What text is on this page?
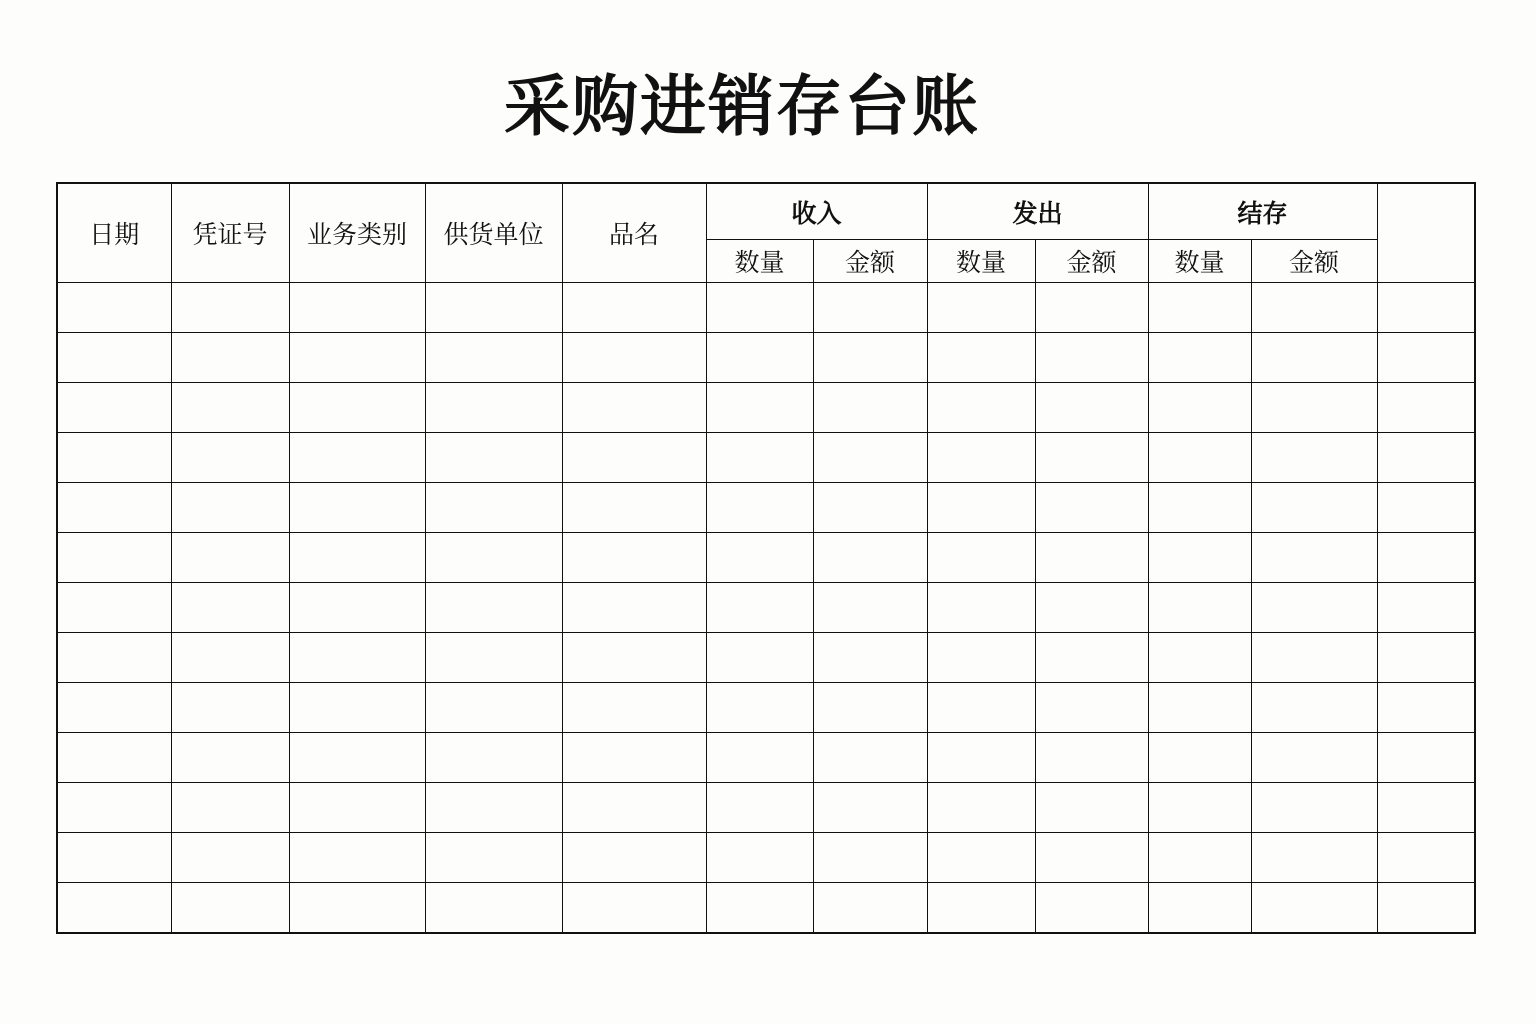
采购进销存台账
日期	凭证号	业务类别	供货单位	品名	收入		发出		结存		
					数量	金额	数量	金额	数量	金额	
